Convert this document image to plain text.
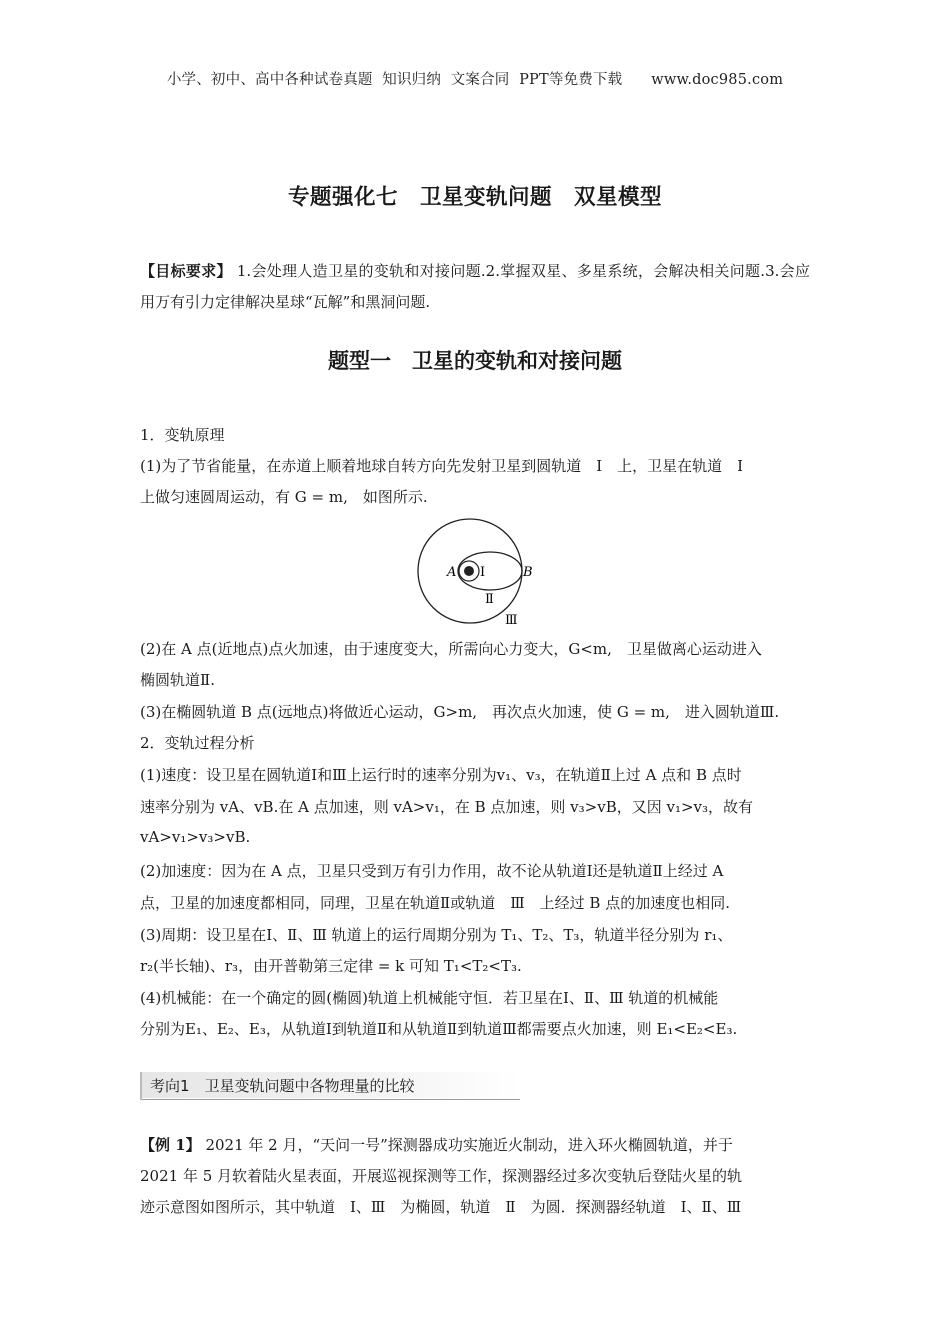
小学、初中、高中各种试卷真题  知识归纳  文案合同  PPT等免费下载      www.doc985.com
专题强化七　卫星变轨问题　双星模型
【目标要求】 1.会处理人造卫星的变轨和对接问题.2.掌握双星、多星系统，会解决相关问题.3.会应用万有引力定律解决星球“瓦解”和黑洞问题.
题型一　卫星的变轨和对接问题
1．变轨原理
(1)为了节省能量，在赤道上顺着地球自转方向先发射卫星到圆轨道　Ⅰ　上，卫星在轨道　Ⅰ
上做匀速圆周运动，有 G = m,　如图所示.
A Ⅰ	B
Ⅱ
Ⅲ
(2)在 A 点(近地点)点火加速，由于速度变大，所需向心力变大，G<m,　卫星做离心运动进入
椭圆轨道Ⅱ.
(3)在椭圆轨道 B 点(远地点)将做近心运动，G>m,　再次点火加速，使 G = m,　进入圆轨道Ⅲ.
2．变轨过程分析
(1)速度：设卫星在圆轨道Ⅰ和Ⅲ上运行时的速率分别为v₁、v₃，在轨道Ⅱ上过 A 点和 B 点时
速率分别为 vA、vB.在 A 点加速，则 vA>v₁，在 B 点加速，则 v₃>vB，又因 v₁>v₃，故有
vA>v₁>v₃>vB.
(2)加速度：因为在 A 点，卫星只受到万有引力作用，故不论从轨道Ⅰ还是轨道Ⅱ上经过 A
点，卫星的加速度都相同，同理，卫星在轨道Ⅱ或轨道　Ⅲ　上经过 B 点的加速度也相同.
(3)周期：设卫星在Ⅰ、Ⅱ、Ⅲ 轨道上的运行周期分别为 T₁、T₂、T₃，轨道半径分别为 r₁、
r₂(半长轴)、r₃，由开普勒第三定律 = k 可知 T₁<T₂<T₃.
(4)机械能：在一个确定的圆(椭圆)轨道上机械能守恒．若卫星在Ⅰ、Ⅱ、Ⅲ 轨道的机械能
分别为E₁、E₂、E₃，从轨道Ⅰ到轨道Ⅱ和从轨道Ⅱ到轨道Ⅲ都需要点火加速，则 E₁<E₂<E₃.
考向1　卫星变轨问题中各物理量的比较
【例 1】 2021 年 2 月，“天问一号”探测器成功实施近火制动，进入环火椭圆轨道，并于
2021 年 5 月软着陆火星表面，开展巡视探测等工作，探测器经过多次变轨后登陆火星的轨
迹示意图如图所示，其中轨道　Ⅰ、Ⅲ　为椭圆，轨道　Ⅱ　为圆．探测器经轨道　Ⅰ、Ⅱ、Ⅲ
